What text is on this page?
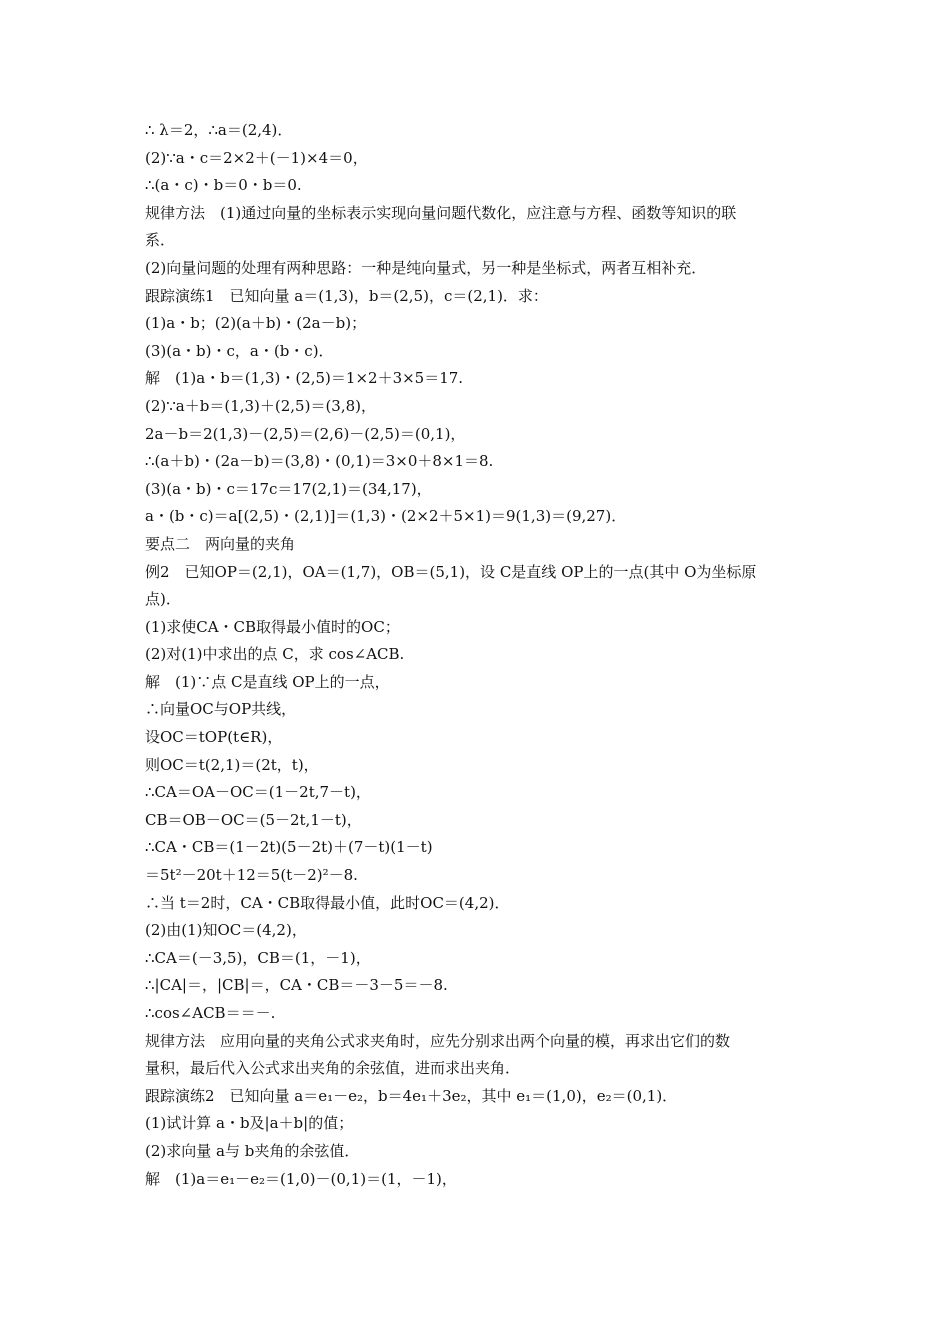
∴ λ＝2，∴a＝(2,4)．
(2)∵a・c＝2×2＋(－1)×4＝0，
∴(a・c)・b＝0・b＝0.
规律方法　(1)通过向量的坐标表示实现向量问题代数化，应注意与方程、函数等知识的联
系．
(2)向量问题的处理有两种思路：一种是纯向量式，另一种是坐标式，两者互相补充．
跟踪演练1　已知向量 a＝(1,3)，b＝(2,5)，c＝(2,1)．求：
(1)a・b；(2)(a＋b)・(2a－b)；
(3)(a・b)・c，a・(b・c)．
解　(1)a・b＝(1,3)・(2,5)＝1×2＋3×5＝17.
(2)∵a＋b＝(1,3)＋(2,5)＝(3,8)，
2a－b＝2(1,3)－(2,5)＝(2,6)－(2,5)＝(0,1)，
∴(a＋b)・(2a－b)＝(3,8)・(0,1)＝3×0＋8×1＝8.
(3)(a・b)・c＝17c＝17(2,1)＝(34,17)，
a・(b・c)＝a[(2,5)・(2,1)]＝(1,3)・(2×2＋5×1)＝9(1,3)＝(9,27)．
要点二　两向量的夹角
例2　已知OP＝(2,1)，OA＝(1,7)，OB＝(5,1)，设 C是直线 OP上的一点(其中 O为坐标原
点)．
(1)求使CA・CB取得最小值时的OC；
(2)对(1)中求出的点 C，求 cos∠ACB.
解　(1)∵点 C是直线 OP上的一点，
∴向量OC与OP共线，
设OC＝tOP(t∈R)，
则OC＝t(2,1)＝(2t，t)，
∴CA＝OA－OC＝(1－2t,7－t)，
CB＝OB－OC＝(5－2t,1－t)，
∴CA・CB＝(1－2t)(5－2t)＋(7－t)(1－t)
＝5t²－20t＋12＝5(t－2)²－8.
∴当 t＝2时，CA・CB取得最小值，此时OC＝(4,2)．
(2)由(1)知OC＝(4,2)，
∴CA＝(－3,5)，CB＝(1，－1)，
∴|CA|＝，|CB|＝，CA・CB＝－3－5＝－8.
∴cos∠ACB＝＝－.
规律方法　应用向量的夹角公式求夹角时，应先分别求出两个向量的模，再求出它们的数
量积，最后代入公式求出夹角的余弦值，进而求出夹角．
跟踪演练2　已知向量 a＝e₁－e₂，b＝4e₁＋3e₂，其中 e₁＝(1,0)，e₂＝(0,1)．
(1)试计算 a・b及|a＋b|的值；
(2)求向量 a与 b夹角的余弦值．
解　(1)a＝e₁－e₂＝(1,0)－(0,1)＝(1，－1)，
